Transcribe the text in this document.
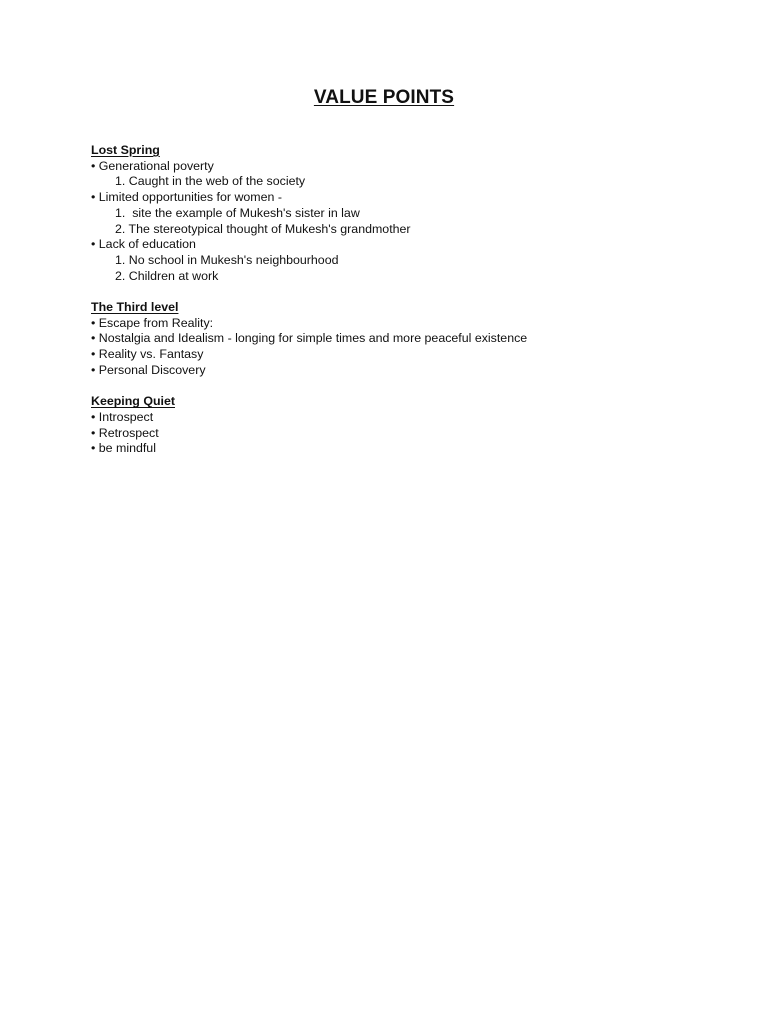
VALUE POINTS
Lost Spring
• Generational poverty
1. Caught in the web of the society
• Limited opportunities for women -
1.  site the example of Mukesh's sister in law
2. The stereotypical thought of Mukesh's grandmother
• Lack of education
1. No school in Mukesh's neighbourhood
2. Children at work
The Third level
• Escape from Reality:
• Nostalgia and Idealism - longing for simple times and more peaceful existence
• Reality vs. Fantasy
• Personal Discovery
Keeping Quiet
• Introspect
• Retrospect
• be mindful
